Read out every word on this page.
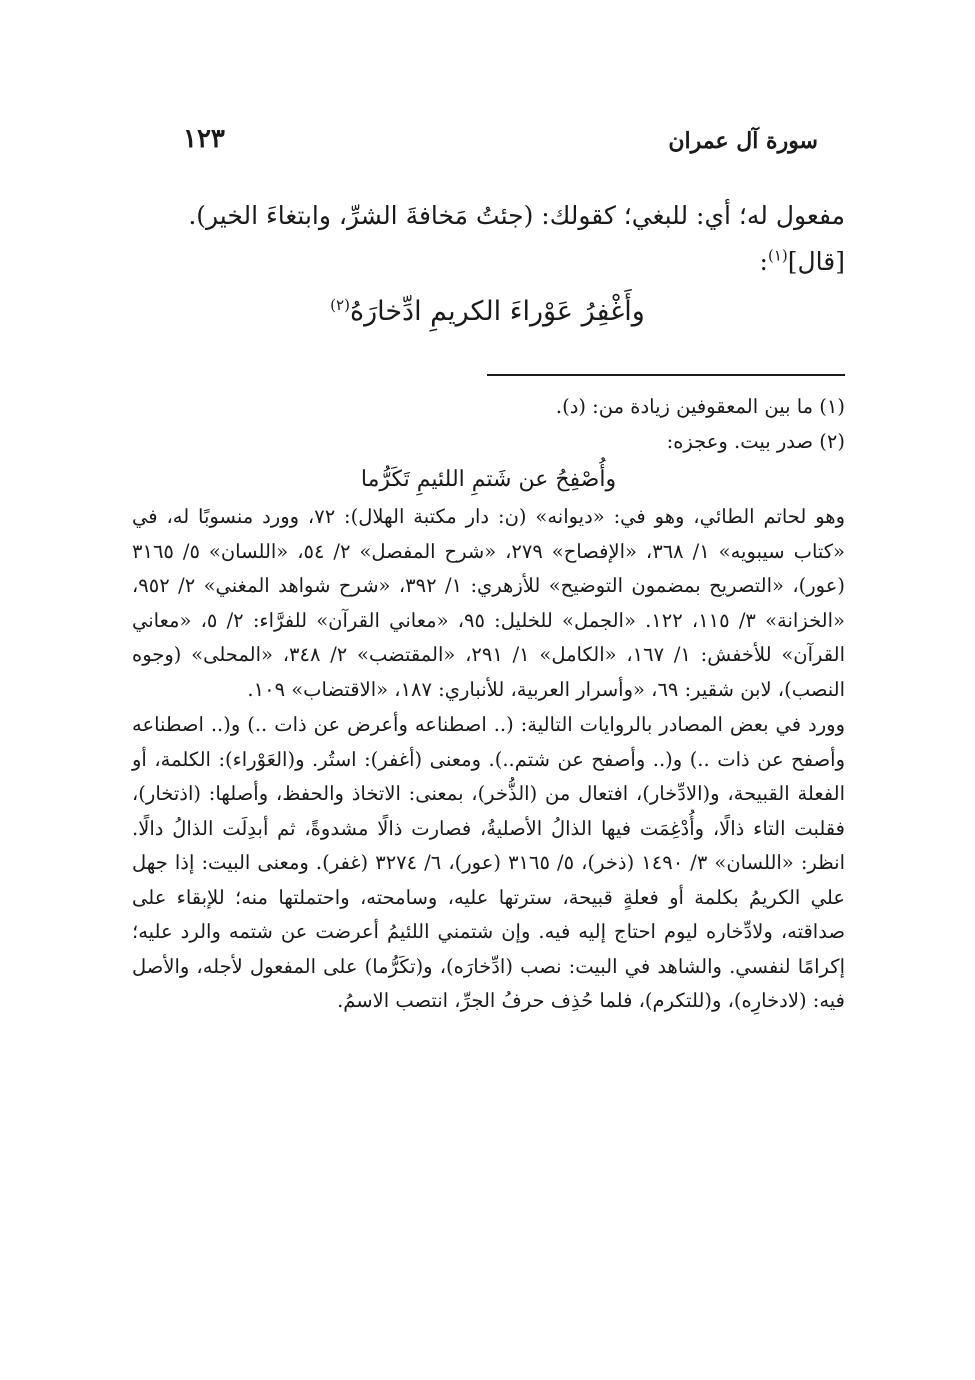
سورة آل عمران
١٢٣

مفعول له؛ أي: للبغي؛ كقولك: (جئتُ مَخافةَ الشرِّ، وابتغاءَ الخير).

[قال]$^{(١)}$:

وأَغْفِرُ عَوْراءَ الكريمِ ادِّخارَهُ$^{(٢)}$

(١) ما بين المعقوفين زيادة من: (د).

(٢) صدر بيت. وعجزه:

وأُصْفِحُ عن شَتمِ اللئيمِ تَكَرُّما

وهو لحاتم الطائي، وهو في: «ديوانه» (ن: دار مكتبة الهلال): ٧٢، وورد منسوبًا له، في «كتاب سيبويه» ١/ ٣٦٨، «الإفصاح» ٢٧٩، «شرح المفصل» ٢/ ٥٤، «اللسان» ٥/ ٣١٦٥ (عور)، «التصريح بمضمون التوضيح» للأزهري: ١/ ٣٩٢، «شرح شواهد المغني» ٢/ ٩٥٢، «الخزانة» ٣/ ١١٥، ١٢٢. «الجمل» للخليل: ٩٥، «معاني القرآن» للفرَّاء: ٢/ ٥، «معاني القرآن» للأخفش: ١/ ١٦٧، «الكامل» ١/ ٢٩١، «المقتضب» ٢/ ٣٤٨، «المحلى» (وجوه النصب)، لابن شقير: ٦٩، «وأسرار العربية، للأنباري: ١٨٧، «الاقتضاب» ١٠٩.

وورد في بعض المصادر بالروايات التالية: (.. اصطناعه وأعرض عن ذات ..) و(.. اصطناعه وأصفح عن ذات ..) و(.. وأصفح عن شتم..). ومعنى (أغفر): استُر. و(العَوْراء): الكلمة، أو الفعلة القبيحة، و(الادِّخار)، افتعال من (الذُّخر)، بمعنى: الاتخاذ والحفظ، وأصلها: (اذتخار)، فقلبت التاء ذالًا، وأُدْغِمَت فيها الذالُ الأصليةُ، فصارت ذالًا مشدوةً، ثم أبدِلَت الذالُ دالًا. انظر: «اللسان» ٣/ ١٤٩٠ (ذخر)، ٥/ ٣١٦٥ (عور)، ٦/ ٣٢٧٤ (غفر). ومعنى البيت: إذا جهل علي الكريمُ بكلمة أو فعلةٍ قبيحة، سترتها عليه، وسامحته، واحتملتها منه؛ للإبقاء على صداقته، ولادِّخاره ليوم احتاج إليه فيه. وإن شتمني اللئيمُ أعرضت عن شتمه والرد عليه؛ إكرامًا لنفسي. والشاهد في البيت: نصب (ادِّخارَه)، و(تكَرُّما) على المفعول لأجله، والأصل فيه: (لادخارِه)، و(للتكرم)، فلما حُذِف حرفُ الجرِّ، انتصب الاسمُ.
